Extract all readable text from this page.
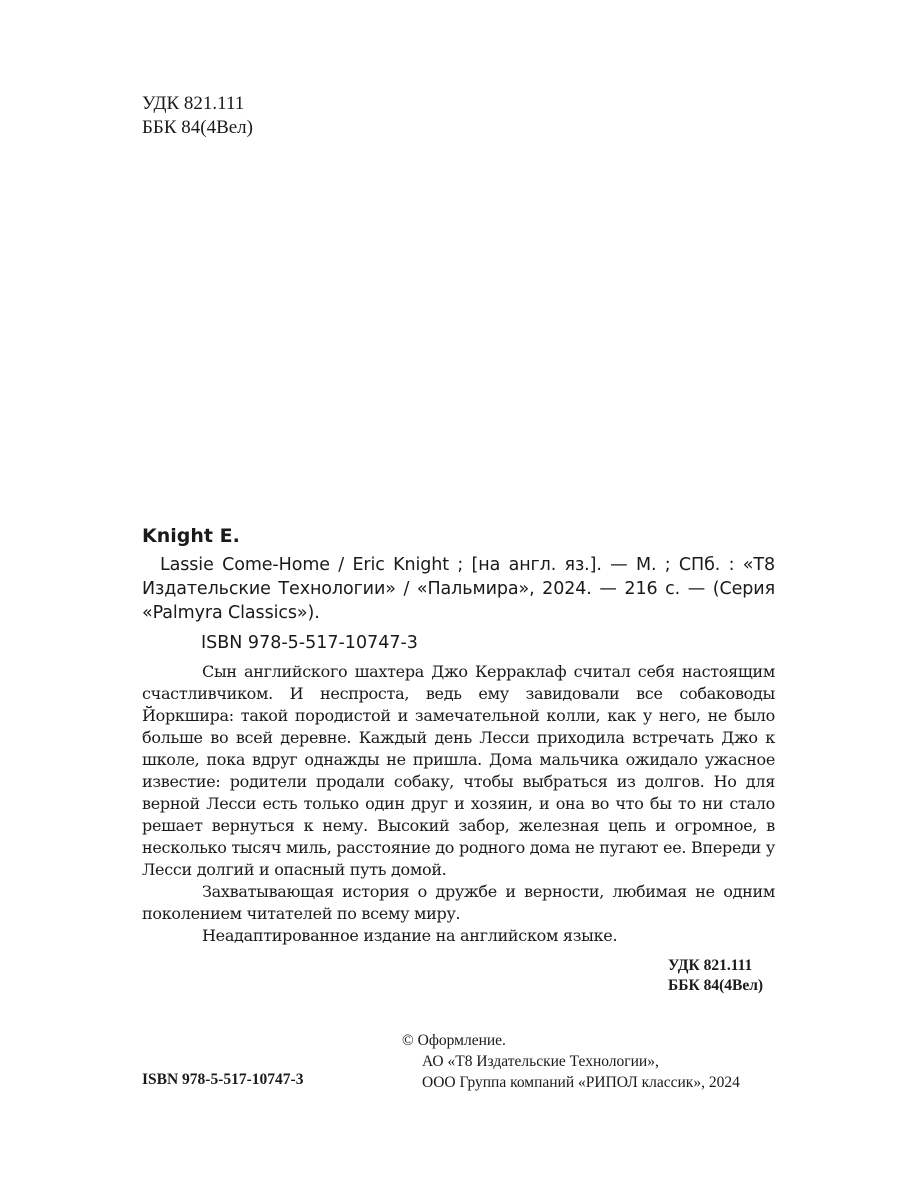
УДК 821.111
ББК 84(4Вел)
Knight E.
Lassie Come-Home / Eric Knight ; [на англ. яз.]. — М. ; СПб. : «Т8 Издательские Технологии» / «Пальмира», 2024. — 216 с. — (Серия «Palmyra Classics»).
ISBN 978-5-517-10747-3

Сын английского шахтера Джо Керраклаф считал себя настоящим счастливчиком. И неспроста, ведь ему завидовали все собаководы Йоркшира: такой породистой и замечательной колли, как у него, не было больше во всей деревне. Каждый день Лесси приходила встречать Джо к школе, пока вдруг однажды не пришла. Дома мальчика ожидало ужасное известие: родители продали собаку, чтобы выбраться из долгов. Но для верной Лесси есть только один друг и хозяин, и она во что бы то ни стало решает вернуться к нему. Высокий забор, железная цепь и огромное, в несколько тысяч миль, расстояние до родного дома не пугают ее. Впереди у Лесси долгий и опасный путь домой.

Захватывающая история о дружбе и верности, любимая не одним поколением читателей по всему миру.

Неадаптированное издание на английском языке.

УДК 821.111
ББК 84(4Вел)
© Оформление.
АО «Т8 Издательские Технологии»,
ООО Группа компаний «РИПОЛ классик», 2024
ISBN 978-5-517-10747-3
